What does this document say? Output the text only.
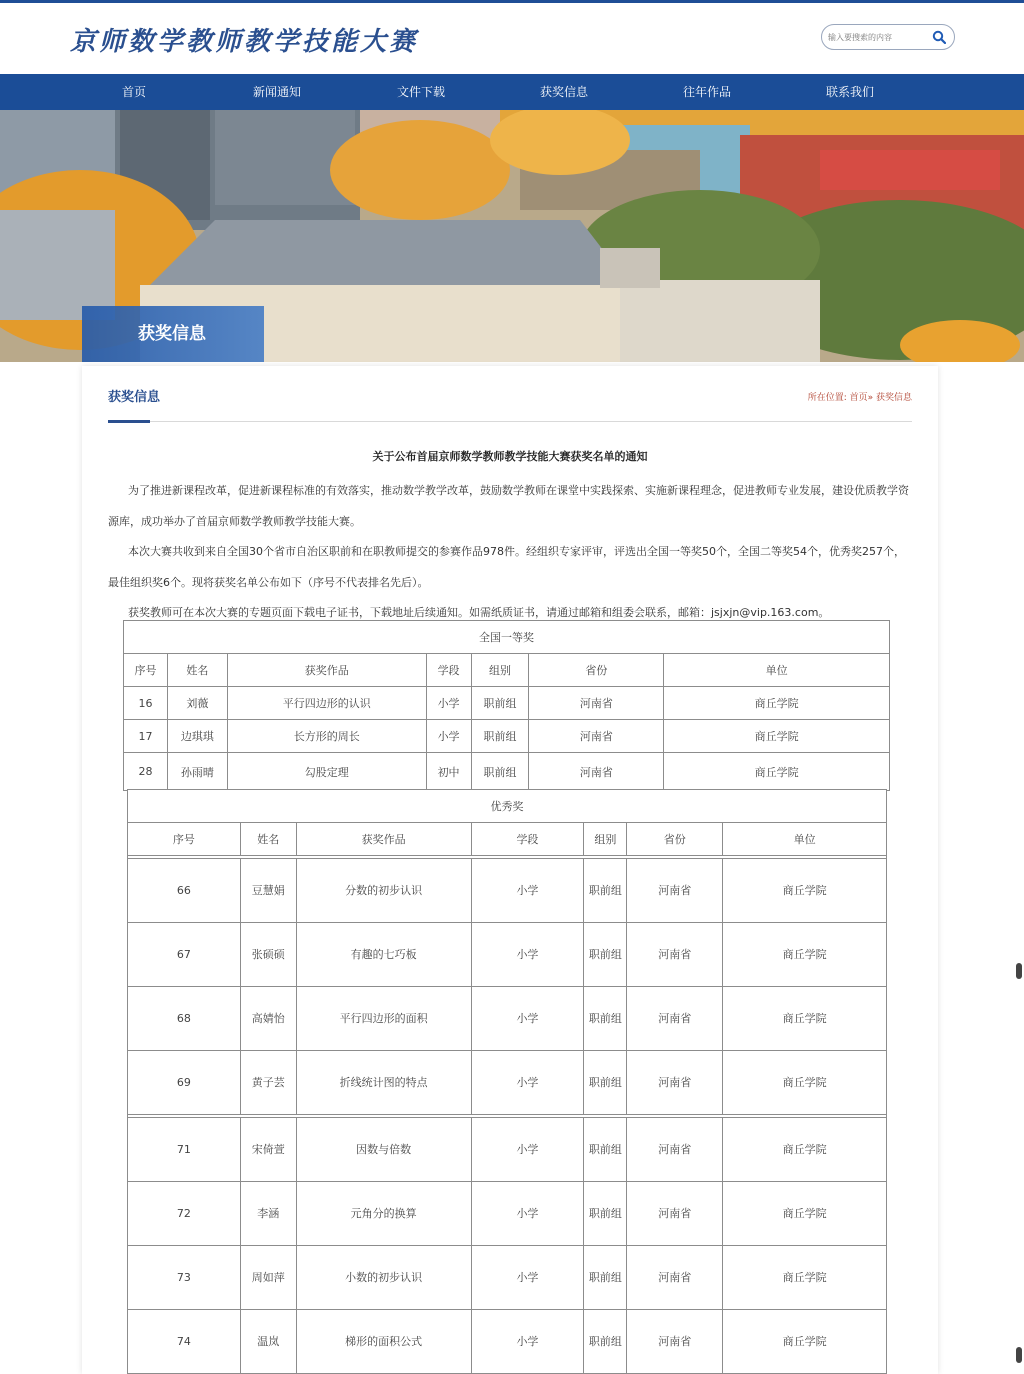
京师数学教师教学技能大赛
输入要搜索的内容
首页	新闻通知	文件下载	获奖信息	往年作品	联系我们
获奖信息
获奖信息	所在位置: 首页» 获奖信息
关于公布首届京师数学教师教学技能大赛获奖名单的通知
为了推进新课程改革，促进新课程标准的有效落实，推动数学教学改革，鼓励数学教师在课堂中实践探索、实施新课程理念，促进教师专业发展，建设优质教学资源库，成功举办了首届京师数学教师教学技能大赛。
本次大赛共收到来自全国30个省市自治区职前和在职教师提交的参赛作品978件。经组织专家评审，评选出全国一等奖50个，全国二等奖54个，优秀奖257个，最佳组织奖6个。现将获奖名单公布如下（序号不代表排名先后）。
获奖教师可在本次大赛的专题页面下载电子证书，下载地址后续通知。如需纸质证书，请通过邮箱和组委会联系，邮箱：jsjxjn@vip.163.com。
全国一等奖						
序号	姓名	获奖作品	学段	组别	省份	单位
16	刘薇	平行四边形的认识	小学	职前组	河南省	商丘学院
17	边琪琪	长方形的周长	小学	职前组	河南省	商丘学院
28	孙雨晴	勾股定理	初中	职前组	河南省	商丘学院
优秀奖						
序号	姓名	获奖作品	学段	组别	省份	单位

66	豆慧娟	分数的初步认识	小学	职前组	河南省	商丘学院
67	张硕硕	有趣的七巧板	小学	职前组	河南省	商丘学院
68	高婧怡	平行四边形的面积	小学	职前组	河南省	商丘学院
69	黄子芸	折线统计图的特点	小学	职前组	河南省	商丘学院

71	宋倚萱	因数与倍数	小学	职前组	河南省	商丘学院
72	李涵	元角分的换算	小学	职前组	河南省	商丘学院
73	周如萍	小数的初步认识	小学	职前组	河南省	商丘学院
74	温岚	梯形的面积公式	小学	职前组	河南省	商丘学院
